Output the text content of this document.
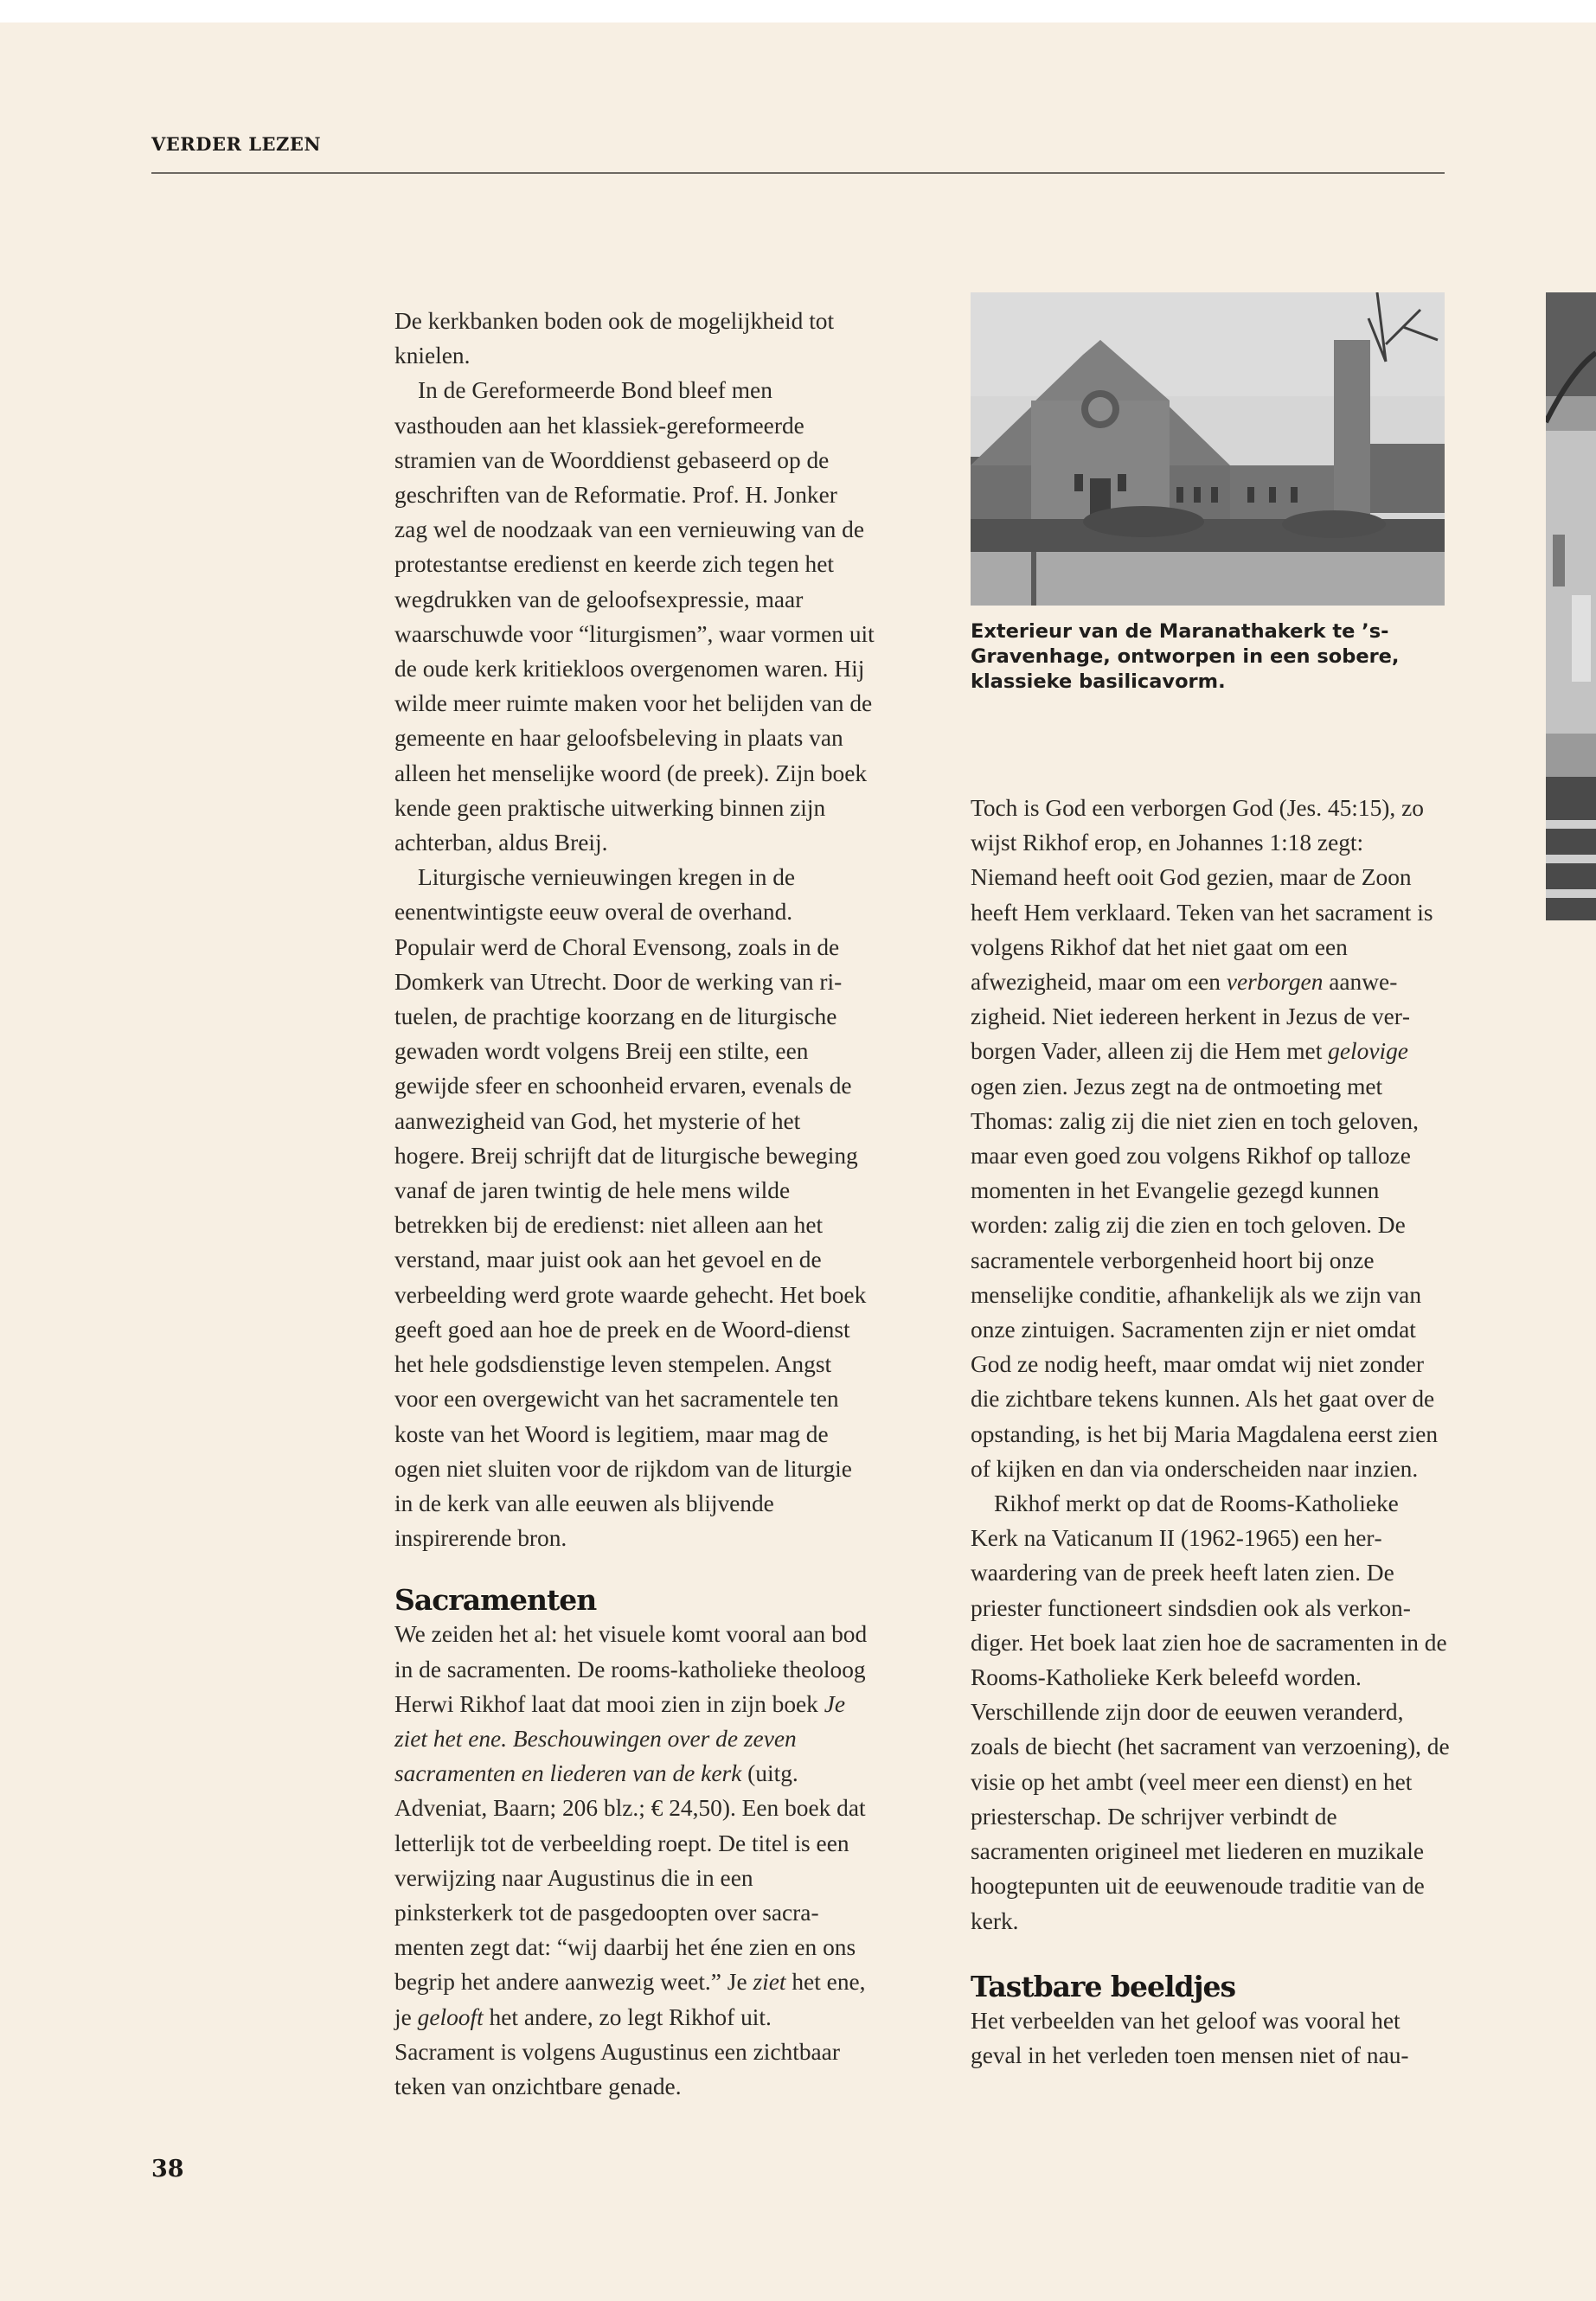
VERDER LEZEN

De kerkbanken boden ook de mogelijkheid tot knielen.

In de Gereformeerde Bond bleef men vasthouden aan het klassiek-gereformeerde stramien van de Woorddienst gebaseerd op de geschriften van de Reformatie. Prof. H. Jonker zag wel de noodzaak van een vernieuwing van de protestantse eredienst en keerde zich tegen het wegdrukken van de geloofsexpressie, maar waarschuwde voor “liturgismen”, waar vormen uit de oude kerk kritiekloos overgenomen waren. Hij wilde meer ruimte maken voor het belijden van de gemeente en haar geloofsbeleving in plaats van alleen het menselijke woord (de preek). Zijn boek kende geen praktische uitwerking binnen zijn achterban, aldus Breij.

Liturgische vernieuwingen kregen in de eenentwintigste eeuw overal de overhand. Populair werd de Choral Evensong, zoals in de Domkerk van Utrecht. Door de werking van rituelen, de prachtige koorzang en de liturgische gewaden wordt volgens Breij een stilte, een gewijde sfeer en schoonheid ervaren, evenals de aanwezigheid van God, het mysterie of het hogere. Breij schrijft dat de liturgische beweging vanaf de jaren twintig de hele mens wilde betrekken bij de eredienst: niet alleen aan het verstand, maar juist ook aan het gevoel en de verbeelding werd grote waarde gehecht. Het boek geeft goed aan hoe de preek en de Woord-dienst het hele godsdienstige leven stempelen. Angst voor een overgewicht van het sacramentele ten koste van het Woord is legitiem, maar mag de ogen niet sluiten voor de rijkdom van de liturgie in de kerk van alle eeuwen als blijvende inspirerende bron.

Sacramenten

We zeiden het al: het visuele komt vooral aan bod in de sacramenten. De rooms-katholieke theoloog Herwi Rikhof laat dat mooi zien in zijn boek Je ziet het ene. Beschouwingen over de zeven sacramenten en liederen van de kerk (uitg. Adveniat, Baarn; 206 blz.; € 24,50). Een boek dat letterlijk tot de verbeelding roept. De titel is een verwijzing naar Augustinus die in een pinksterkerk tot de pasgedoopten over sacramenten zegt dat: “wij daarbij het éne zien en ons begrip het andere aanwezig weet.” Je ziet het ene, je gelooft het andere, zo legt Rikhof uit. Sacrament is volgens Augustinus een zichtbaar teken van onzichtbare genade.

Exterieur van de Maranathakerk te ’s-Gravenhage, ontworpen in een sobere, klassieke basilicavorm.

Toch is God een verborgen God (Jes. 45:15), zo wijst Rikhof erop, en Johannes 1:18 zegt: Niemand heeft ooit God gezien, maar de Zoon heeft Hem verklaard. Teken van het sacrament is volgens Rikhof dat het niet gaat om een afwezigheid, maar om een verborgen aanwezigheid. Niet iedereen herkent in Jezus de verborgen Vader, alleen zij die Hem met gelovige ogen zien. Jezus zegt na de ontmoeting met Thomas: zalig zij die niet zien en toch geloven, maar even goed zou volgens Rikhof op talloze momenten in het Evangelie gezegd kunnen worden: zalig zij die zien en toch geloven. De sacramentele verborgenheid hoort bij onze menselijke conditie, afhankelijk als we zijn van onze zintuigen. Sacramenten zijn er niet omdat God ze nodig heeft, maar omdat wij niet zonder die zichtbare tekens kunnen. Als het gaat over de opstanding, is het bij Maria Magdalena eerst zien of kijken en dan via onderscheiden naar inzien.

Rikhof merkt op dat de Rooms-Katholieke Kerk na Vaticanum II (1962-1965) een herwaardering van de preek heeft laten zien. De priester functioneert sindsdien ook als verkondiger. Het boek laat zien hoe de sacramenten in de Rooms-Katholieke Kerk beleefd worden. Verschillende zijn door de eeuwen veranderd, zoals de biecht (het sacrament van verzoening), de visie op het ambt (veel meer een dienst) en het priesterschap. De schrijver verbindt de sacramenten origineel met liederen en muzikale hoogtepunten uit de eeuwenoude traditie van de kerk.

Tastbare beeldjes

Het verbeelden van het geloof was vooral het geval in het verleden toen mensen niet of nau-

38
